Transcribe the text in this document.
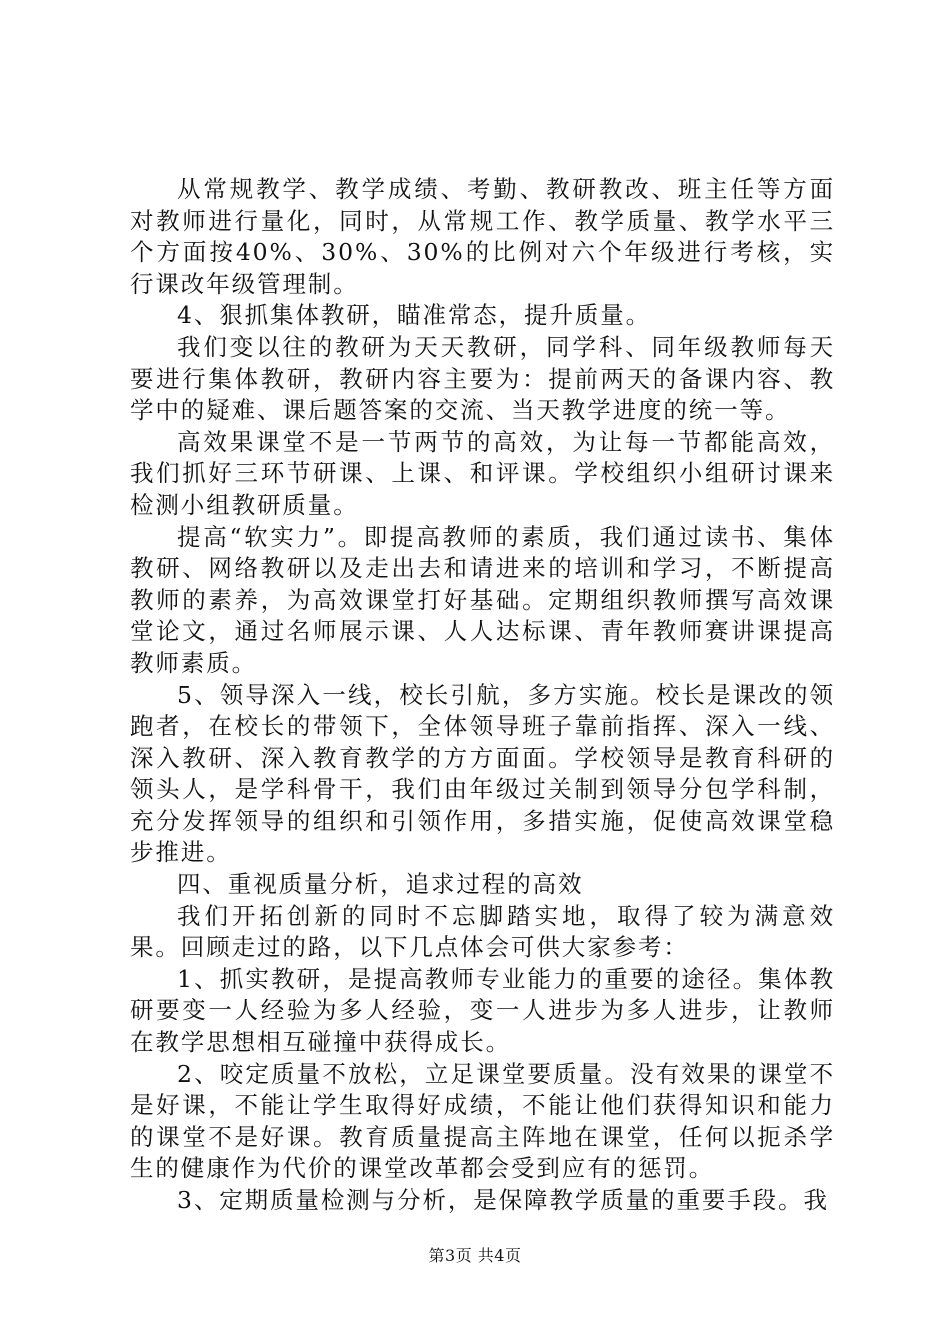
从常规教学、教学成绩、考勤、教研教改、班主任等方面对教师进行量化，同时，从常规工作、教学质量、教学水平三个方面按40%、30%、30%的比例对六个年级进行考核，实行课改年级管理制。

4、狠抓集体教研，瞄准常态，提升质量。

我们变以往的教研为天天教研，同学科、同年级教师每天要进行集体教研，教研内容主要为：提前两天的备课内容、教学中的疑难、课后题答案的交流、当天教学进度的统一等。

高效果课堂不是一节两节的高效，为让每一节都能高效，我们抓好三环节研课、上课、和评课。学校组织小组研讨课来检测小组教研质量。

提高“软实力”。即提高教师的素质，我们通过读书、集体教研、网络教研以及走出去和请进来的培训和学习，不断提高教师的素养，为高效课堂打好基础。定期组织教师撰写高效课堂论文，通过名师展示课、人人达标课、青年教师赛讲课提高教师素质。

5、领导深入一线，校长引航，多方实施。校长是课改的领跑者，在校长的带领下，全体领导班子靠前指挥、深入一线、深入教研、深入教育教学的方方面面。学校领导是教育科研的领头人，是学科骨干，我们由年级过关制到领导分包学科制，充分发挥领导的组织和引领作用，多措实施，促使高效课堂稳步推进。

四、重视质量分析，追求过程的高效

我们开拓创新的同时不忘脚踏实地，取得了较为满意效果。回顾走过的路，以下几点体会可供大家参考：

1、抓实教研，是提高教师专业能力的重要的途径。集体教研要变一人经验为多人经验，变一人进步为多人进步，让教师在教学思想相互碰撞中获得成长。

2、咬定质量不放松，立足课堂要质量。没有效果的课堂不是好课，不能让学生取得好成绩，不能让他们获得知识和能力的课堂不是好课。教育质量提高主阵地在课堂，任何以扼杀学生的健康作为代价的课堂改革都会受到应有的惩罚。

3、定期质量检测与分析，是保障教学质量的重要手段。我

第3页 共4页
